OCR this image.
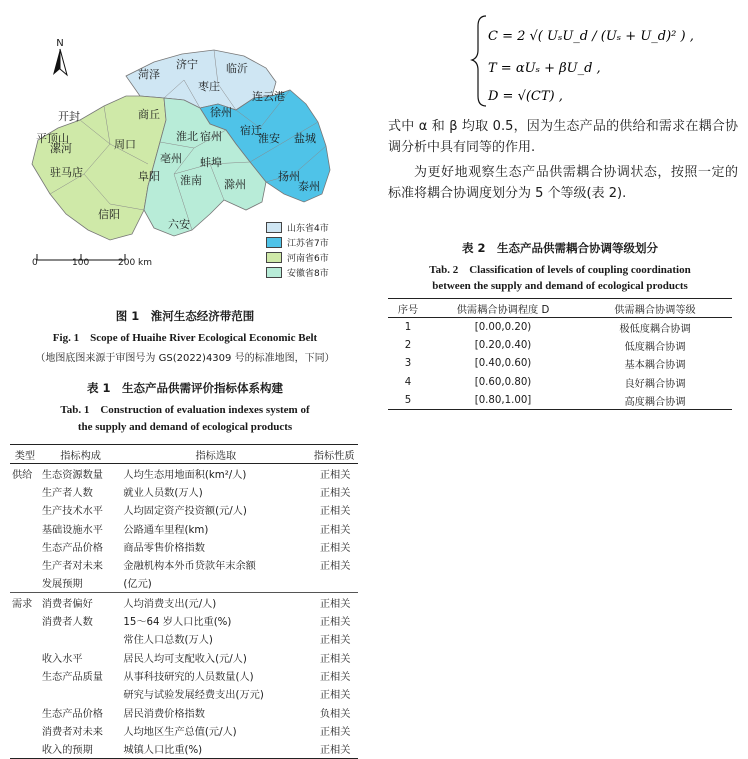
菏泽
济宁	临沂
枣庄
徐州
连云港
宿迁
淮安 盐城
扬州
泰州
商丘
开封
周口
漯河
平顶山
驻马店
信阳
淮北 宿州
亳州 蚌埠
阜阳 淮南 滁州
六安
N
山东省4市
江苏省7市
河南省6市
安徽省8市
0	100	200 km
图 1　淮河生态经济带范围
Fig. 1　Scope of Huaihe River Ecological Economic Belt
（地图底图来源于审图号为 GS(2022)4309 号的标准地图，下同）
表 1　生态产品供需评价指标体系构建
Tab. 1　Construction of evaluation indexes system of
the supply and demand of ecological products
类型	指标构成	指标选取	指标性质
供给	生态资源数量	人均生态用地面积(km²/人)	正相关
	生产者人数	就业人员数(万人)	正相关
	生产技术水平	人均固定资产投资额(元/人)	正相关
	基础设施水平	公路通车里程(km)	正相关
	生态产品价格	商品零售价格指数	正相关
	生产者对未来	金融机构本外币贷款年末余额	正相关
	发展预期	(亿元)	
需求	消费者偏好	人均消费支出(元/人)	正相关
	消费者人数	15～64 岁人口比重(%)	正相关
		常住人口总数(万人)	正相关
	收入水平	居民人均可支配收入(元/人)	正相关
	生态产品质量	从事科技研究的人员数量(人)	正相关
		研究与试验发展经费支出(万元)	正相关
	生态产品价格	居民消费价格指数	负相关
	消费者对未来	人均地区生产总值(元/人)	正相关
	收入的预期	城镇人口比重(%)	正相关
C = 2 √( UₛU_d / (Uₛ + U_d)² ) ,
T = αUₛ + βU_d ,
D = √(CT) ,
式中 α 和 β 均取 0.5，因为生态产品的供给和需求在耦合协调分析中具有同等的作用.
为更好地观察生态产品供需耦合协调状态，按照一定的标准将耦合协调度划分为 5 个等级(表 2).
表 2　生态产品供需耦合协调等级划分
Tab. 2　Classification of levels of coupling coordination
between the supply and demand of ecological products
序号	供需耦合协调程度 D	供需耦合协调等级
1	[0.00,0.20)	极低度耦合协调
2	[0.20,0.40)	低度耦合协调
3	[0.40,0.60)	基本耦合协调
4	[0.60,0.80)	良好耦合协调
5	[0.80,1.00]	高度耦合协调
